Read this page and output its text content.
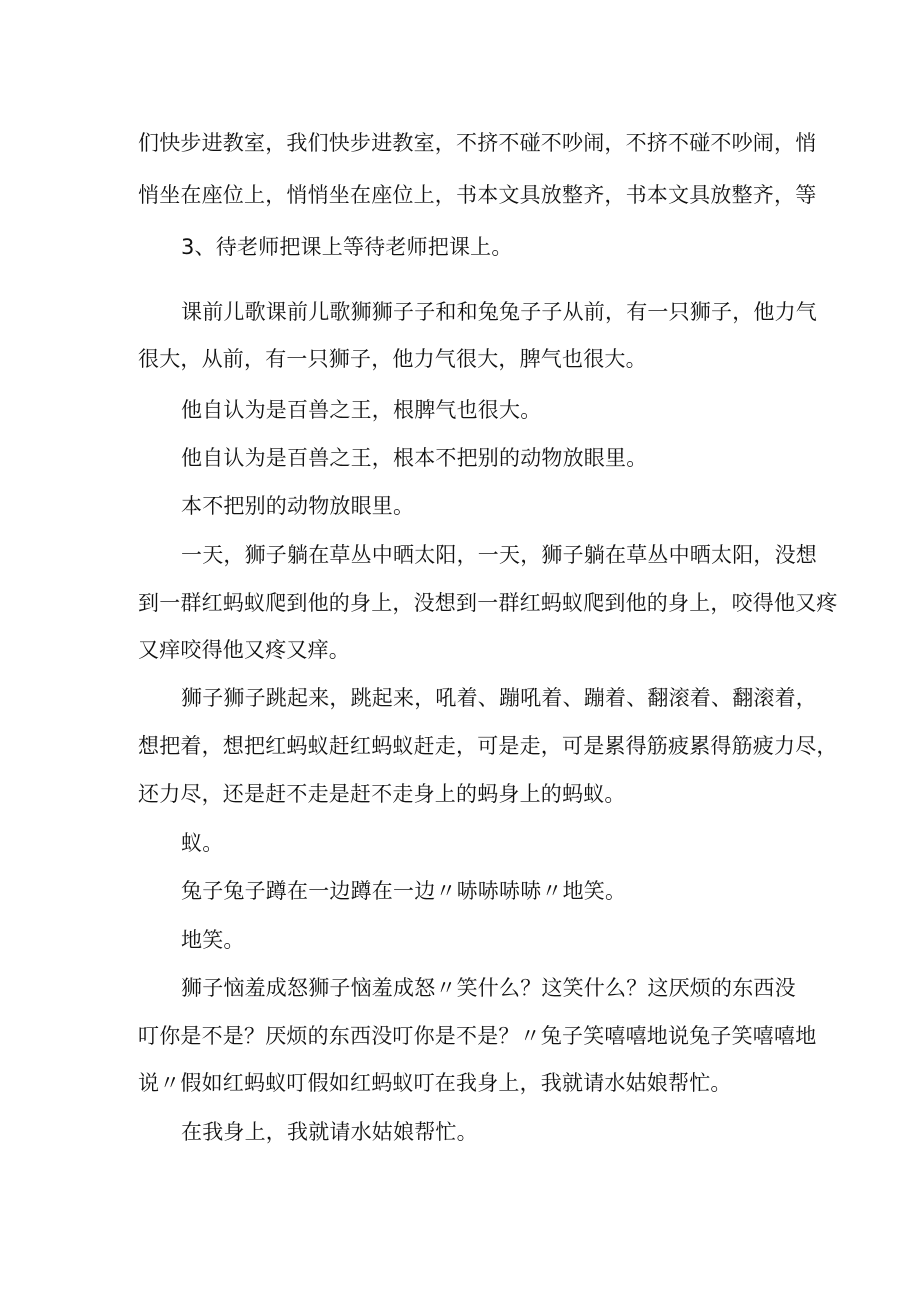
们快步进教室，我们快步进教室，不挤不碰不吵闹，不挤不碰不吵闹，悄
悄坐在座位上，悄悄坐在座位上，书本文具放整齐，书本文具放整齐，等
3、待老师把课上等待老师把课上。
课前儿歌课前儿歌狮狮子子和和兔兔子子从前，有一只狮子，他力气
很大，从前，有一只狮子，他力气很大，脾气也很大。
他自认为是百兽之王，根脾气也很大。
他自认为是百兽之王，根本不把别的动物放眼里。
本不把别的动物放眼里。
一天，狮子躺在草丛中晒太阳，一天，狮子躺在草丛中晒太阳，没想
到一群红蚂蚁爬到他的身上，没想到一群红蚂蚁爬到他的身上，咬得他又疼
又痒咬得他又疼又痒。
狮子狮子跳起来，跳起来，吼着、蹦吼着、蹦着、翻滚着、翻滚着，
想把着，想把红蚂蚁赶红蚂蚁赶走，可是走，可是累得筋疲累得筋疲力尽，
还力尽，还是赶不走是赶不走身上的蚂身上的蚂蚁。
蚁。
兔子兔子蹲在一边蹲在一边〃哧哧哧哧〃地笑。
地笑。
狮子恼羞成怒狮子恼羞成怒〃笑什么？这笑什么？这厌烦的东西没
叮你是不是？厌烦的东西没叮你是不是？〃兔子笑嘻嘻地说兔子笑嘻嘻地
说〃假如红蚂蚁叮假如红蚂蚁叮在我身上，我就请水姑娘帮忙。
在我身上，我就请水姑娘帮忙。
